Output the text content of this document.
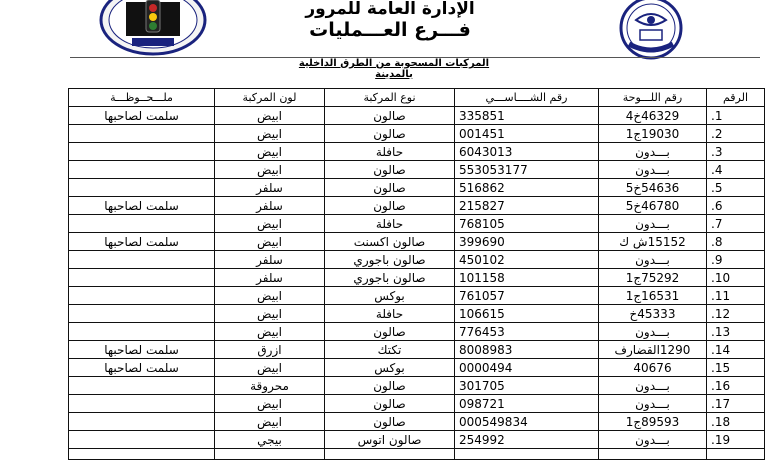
الإدارة العامة للمرور
فـــرع العـــمليات
المركبات المسحوبة من الطرق الداخلية بالمدينة
الرقم	رقم اللـــوحة	رقم الشــــاســـي	نوع المركبة	لون المركبة	ملـــحــوظـــة
.1	46329خ4	335851	صالون	ابيض	سلمت لصاحبها
.2	19030ج1	001451	صالون	ابيض	
.3	بـــدون	6043013	حافلة	ابيض	
.4	بـــدون	553053177	صالون	ابيض	
.5	54636خ5	516862	صالون	سلفر	
.6	46780خ5	215827	صالون	سلفر	سلمت لصاحبها
.7	بـــدون	768105	حافلة	ابيض	
.8	15152ش ك	399690	صالون اكسنت	ابيض	سلمت لصاحبها
.9	بـــدون	450102	صالون باجوري	سلفر	
.10	75292ج1	101158	صالون باجوري	سلفر	
.11	16531ج1	761057	بوكس	ابيض	
.12	45333خ	106615	حافلة	ابيض	
.13	بـــدون	776453	صالون	ابيض	
.14	1290القضارف	8008983	تكتك	ازرق	سلمت لصاحبها
.15	40676	0000494	بوكس	ابيض	سلمت لصاحبها
.16	بـــدون	301705	صالون	محروقة	
.17	بـــدون	098721	صالون	ابيض	
.18	89593ج1	000549834	صالون	ابيض	
.19	بـــدون	254992	صالون اتوس	بيجي	
